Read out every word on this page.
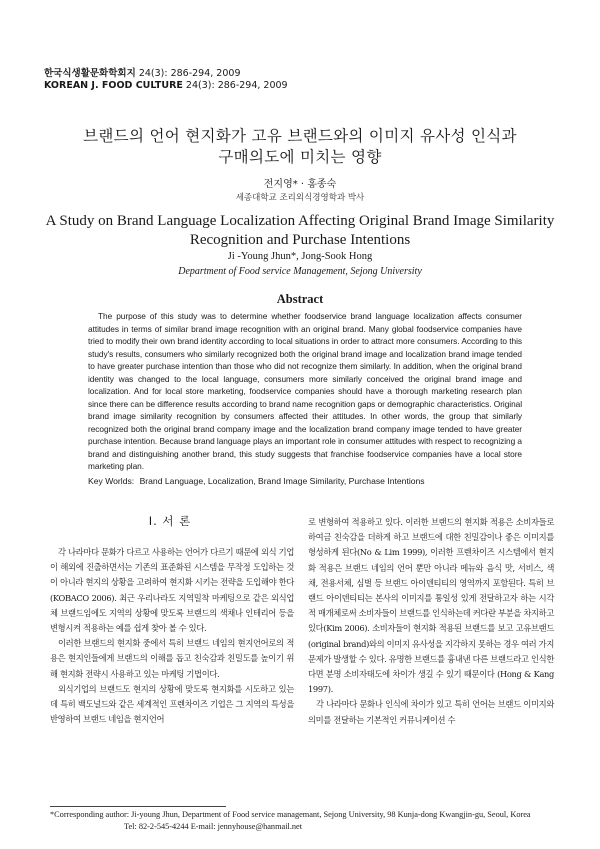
한국식생활문화학회지 24(3): 286-294, 2009
KOREAN J. FOOD CULTURE 24(3): 286-294, 2009
브랜드의 언어 현지화가 고유 브랜드와의 이미지 유사성 인식과
구매의도에 미치는 영향
전지영* · 홍종숙
세종대학교 조리외식경영학과 박사
A Study on Brand Language Localization Affecting Original Brand Image Similarity
Recognition and Purchase Intentions
Ji -Young Jhun*, Jong-Sook Hong
Department of Food service Management, Sejong University
Abstract
The purpose of this study was to determine whether foodservice brand language localization affects consumer attitudes in terms of similar brand image recognition with an original brand. Many global foodservice companies have tried to modify their own brand identity according to local situations in order to attract more consumers. According to this study's results, consumers who similarly recognized both the original brand image and localization brand image tended to have greater purchase intention than those who did not recognize them similarly. In addition, when the original brand identity was changed to the local language, consumers more similarly conceived the original brand image and localization. And for local store marketing, foodservice companies should have a thorough marketing research plan since there can be difference results according to brand name recognition gaps or demographic characteristics. Original brand image similarity recognition by consumers affected their attitudes. In other words, the group that similarly recognized both the original brand company image and the localization brand company image tended to have greater purchase intention. Because brand language plays an important role in consumer attitudes with respect to recognizing a brand and distinguishing another brand, this study suggests that franchise foodservice companies have a local store marketing plan.
Key Worlds: Brand Language, Localization, Brand Image Similarity, Purchase Intentions
I. 서 론

각 나라마다 문화가 다르고 사용하는 언어가 다르기 때문에 외식 기업이 해외에 진출하면서는 기존의 표준화된 시스템을 무작정 도입하는 것이 아니라 현지의 상황을 고려하여 현지화 시키는 전략을 도입해야 한다(KOBACO 2006). 최근 우리나라도 지역밀착 마케팅으로 같은 외식업체 브랜드임에도 지역의 상황에 맞도록 브랜드의 색채나 인테리어 등을 변형시켜 적용하는 예를 쉽게 찾아 볼 수 있다.

이러한 브랜드의 현지화 중에서 특히 브랜드 네임의 현지언어로의 적용은 현지인들에게 브랜드의 이해를 돕고 친숙감과 친밀도를 높이기 위해 현지화 전략시 사용하고 있는 마케팅 기법이다.

외식기업의 브랜드도 현지의 상황에 맞도록 현지화를 시도하고 있는데 특히 백도널드와 같은 세계적인 프렌차이즈 기업은 그 지역의 특성을 반영하여 브랜드 네임을 현지언어

로 변형하여 적용하고 있다. 이러한 브랜드의 현지화 적용은 소비자들로 하여금 친숙감을 더하게 하고 브랜드에 대한 친밀감이나 좋은 이미지를 형성하게 된다(No & Lim 1999), 이러한 프렌차이즈 시스템에서 현지화 적용은 브랜드 네임의 언어 뿐만 아니라 메뉴와 음식 맛, 서비스, 색채, 전용서체, 심벌 등 브랜드 아이덴티티의 영역까지 포함된다. 특히 브랜드 아이덴티티는 본사의 이미지를 통일성 있게 전달하고자 하는 시각적 매개체로써 소비자들이 브랜드를 인식하는데 커다란 부분을 차지하고 있다(Kim 2006). 소비자들이 현지화 적용된 브랜드를 보고 고유브랜드(original brand)와의 이미지 유사성을 지각하지 못하는 경우 여러 가지 문제가 발생할 수 있다. 유명한 브랜드를 흉내낸 다른 브랜드라고 인식한다면 분명 소비자태도에 차이가 생길 수 있기 때문이다 (Hong & Kang 1997).

각 나라마다 문화나 인식에 차이가 있고 특히 언어는 브랜드 이미지와 의미를 전달하는 기본적인 커뮤니케이션 수

*Corresponding author: Ji-young Jhun, Department of Food service managemant, Sejong University, 98 Kunja-dong Kwangjin-gu, Seoul, Korea
Tel: 82-2-545-4244 E-mail: jennyhouse@hanmail.net
